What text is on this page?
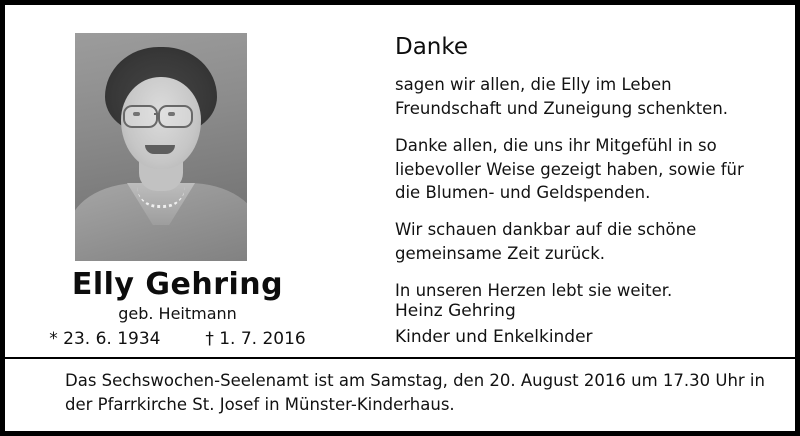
Elly Gehring
geb. Heitmann
* 23. 6. 1934	† 1. 7. 2016
Danke

sagen wir allen, die Elly im Leben Freundschaft und Zuneigung schenkten.

Danke allen, die uns ihr Mitgefühl in so liebevoller Weise gezeigt haben, sowie für die Blumen- und Geldspenden.

Wir schauen dankbar auf die schöne gemeinsame Zeit zurück.

In unseren Herzen lebt sie weiter.

Heinz Gehring
Kinder und Enkelkinder
Das Sechswochen-Seelenamt ist am Samstag, den 20. August 2016 um 17.30 Uhr in der Pfarrkirche St. Josef in Münster-Kinderhaus.
